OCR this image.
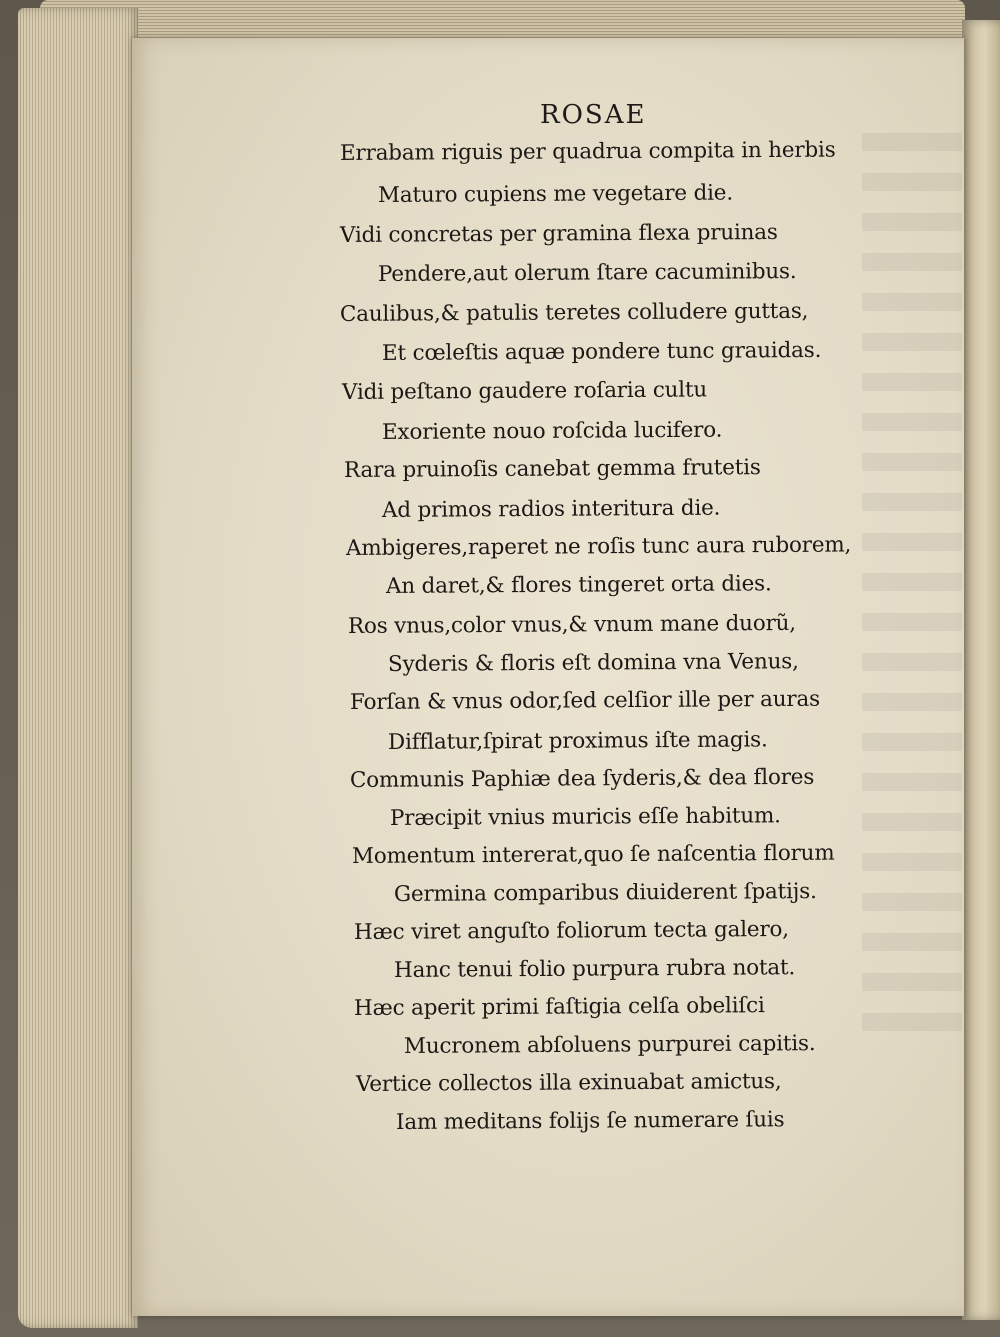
ROSAE
Errabam riguis per quadrua compita in herbis
Maturo cupiens me vegetare die.
Vidi concretas per gramina flexa pruinas
Pendere,aut olerum ſtare cacuminibus.
Caulibus,& patulis teretes colludere guttas,
Et cœleſtis aquæ pondere tunc grauidas.
Vidi peſtano gaudere roſaria cultu
Exoriente nouo roſcida lucifero.
Rara pruinoſis canebat gemma frutetis
Ad primos radios interitura die.
Ambigeres,raperet ne roſis tunc aura ruborem,
An daret,& flores tingeret orta dies.
Ros vnus,color vnus,& vnum mane duorũ,
Syderis & floris eſt domina vna Venus,
Forſan & vnus odor,ſed celſior ille per auras
Difflatur,ſpirat proximus iſte magis.
Communis Paphiæ dea ſyderis,& dea flores
Præcipit vnius muricis eſſe habitum.
Momentum intererat,quo ſe naſcentia florum
Germina comparibus diuiderent ſpatijs.
Hæc viret anguſto foliorum tecta galero,
Hanc tenui folio purpura rubra notat.
Hæc aperit primi faſtigia celſa obeliſci
Mucronem abſoluens purpurei capitis.
Vertice collectos illa exinuabat amictus,
Iam meditans folijs ſe numerare ſuis
